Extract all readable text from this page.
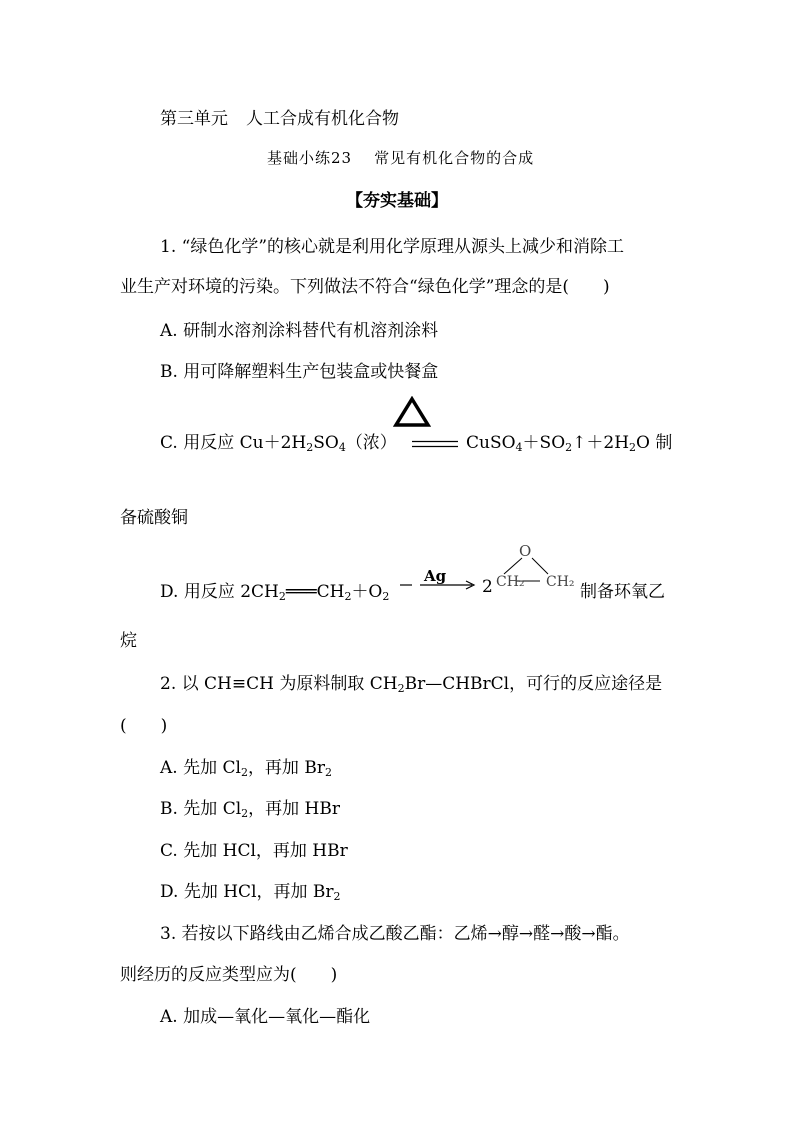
第三单元 人工合成有机化合物
基础小练23 常见有机化合物的合成
【夯实基础】
1. “绿色化学”的核心就是利用化学原理从源头上减少和消除工
业生产对环境的污染。下列做法不符合“绿色化学”理念的是(　　)
A. 研制水溶剂涂料替代有机溶剂涂料
B. 用可降解塑料生产包装盒或快餐盒
C. 用反应 $Cu+2H_2SO_4$（浓）	$CuSO_4+SO_2↑+2H_2O$ 制
备硫酸铜
D. 用反应 $2CH_2═══CH_2+O_2$
Ag
2
O
CH₂ CH₂ 制备环氧乙
烷
2. 以 CH≡CH 为原料制取 $CH_2Br—CHBrCl$，可行的反应途径是
(　　)
A. 先加 $Cl_2$，再加 $Br_2$
B. 先加 $Cl_2$，再加 HBr
C. 先加 HCl，再加 HBr
D. 先加 HCl，再加 $Br_2$
3. 若按以下路线由乙烯合成乙酸乙酯：乙烯→醇→醛→酸→酯。
则经历的反应类型应为(　　)
A. 加成—氧化—氧化—酯化
